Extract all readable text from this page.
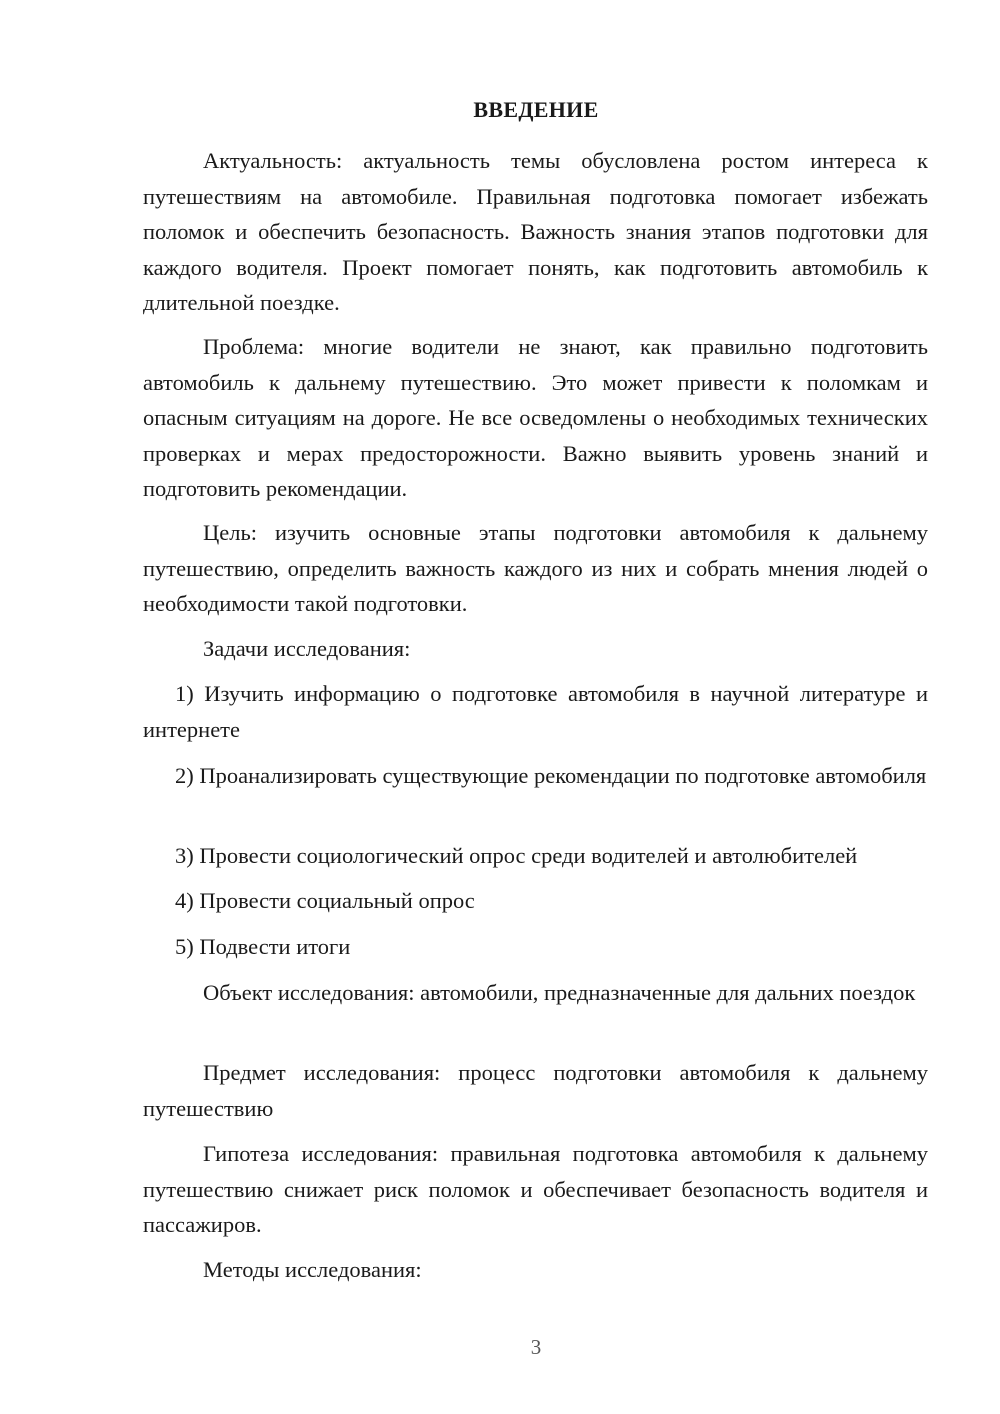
ВВЕДЕНИЕ

Актуальность: актуальность темы обусловлена ростом интереса к путешествиям на автомобиле. Правильная подготовка помогает избежать поломок и обеспечить безопасность. Важность знания этапов подготовки для каждого водителя. Проект помогает понять, как подготовить автомобиль к длительной поездке.

Проблема: многие водители не знают, как правильно подготовить автомобиль к дальнему путешествию. Это может привести к поломкам и опасным ситуациям на дороге. Не все осведомлены о необходимых технических проверках и мерах предосторожности. Важно выявить уровень знаний и подготовить рекомендации.

Цель: изучить основные этапы подготовки автомобиля к дальнему путешествию, определить важность каждого из них и собрать мнения людей о необходимости такой подготовки.

Задачи исследования:

1) Изучить информацию о подготовке автомобиля в научной литературе и интернете

2) Проанализировать существующие рекомендации по подготовке автомобиля

3) Провести социологический опрос среди водителей и автолюбителей

4) Провести социальный опрос

5) Подвести итоги

Объект исследования: автомобили, предназначенные для дальних поездок

Предмет исследования: процесс подготовки автомобиля к дальнему путешествию

Гипотеза исследования: правильная подготовка автомобиля к дальнему путешествию снижает риск поломок и обеспечивает безопасность водителя и пассажиров.

Методы исследования:

3
